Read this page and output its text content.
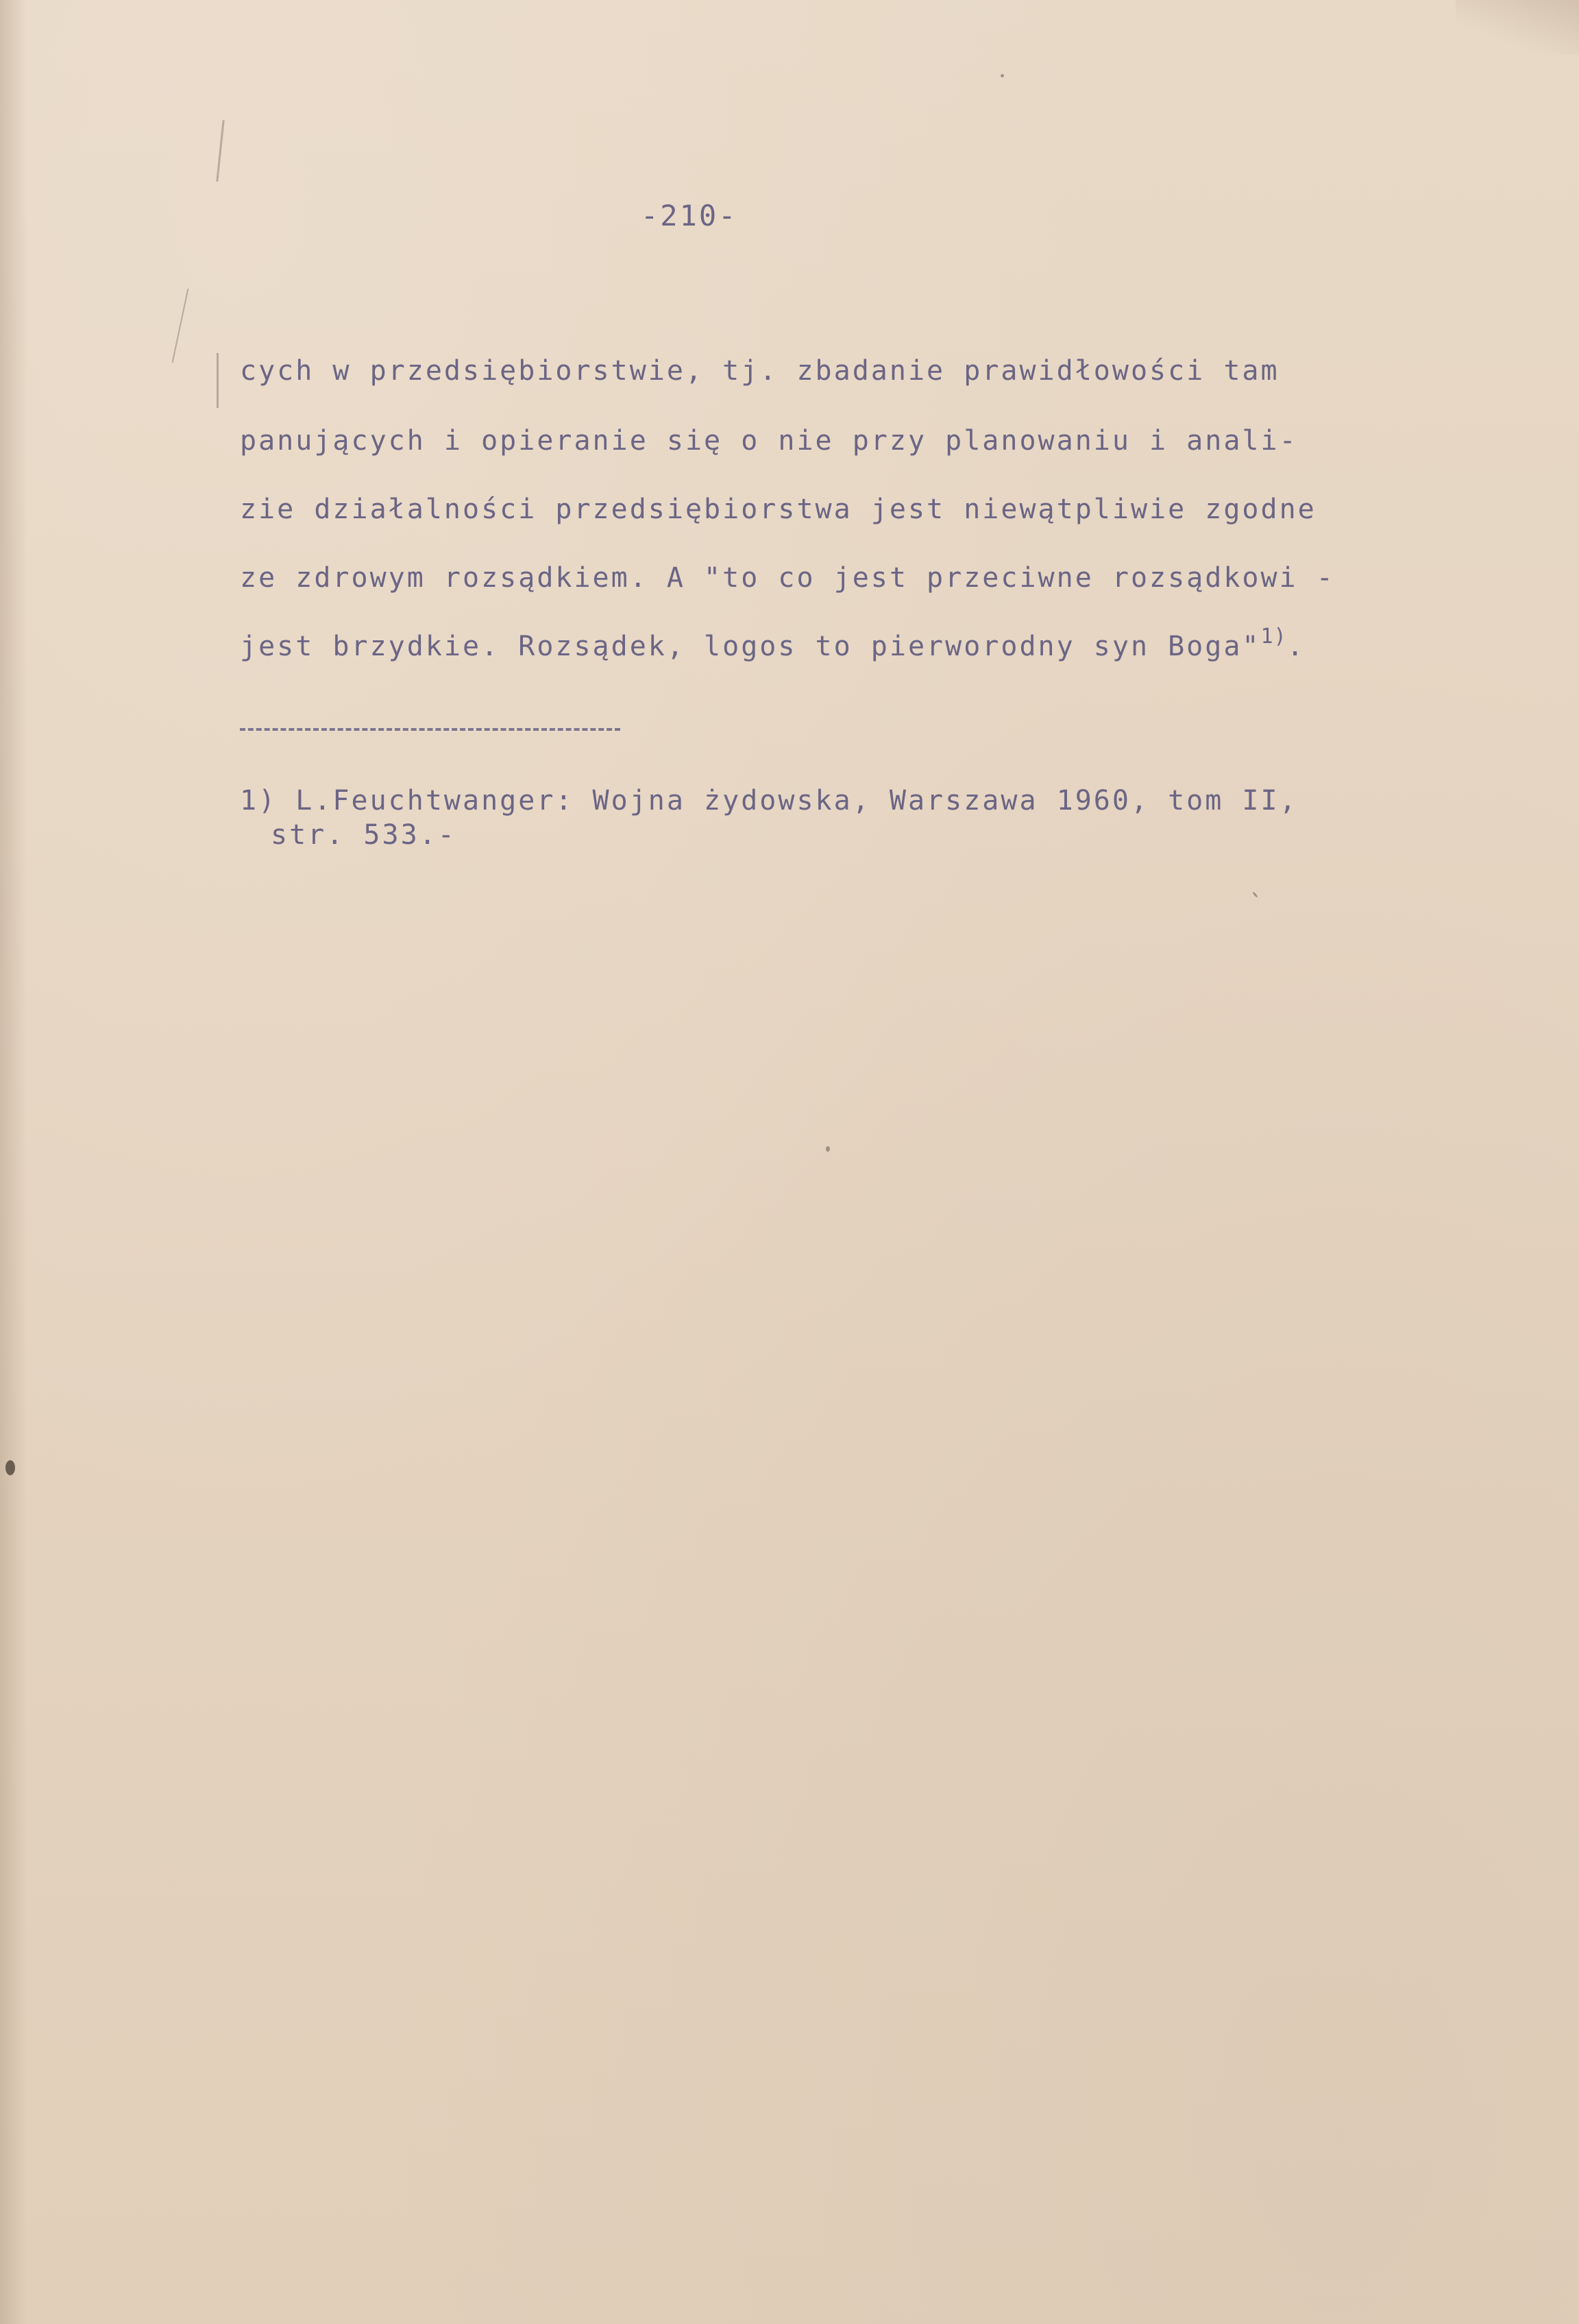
-210-

cych w przedsiębiorstwie, tj. zbadanie prawidłowości tam

panujących i opieranie się o nie przy planowaniu i anali-

zie działalności przedsiębiorstwa jest niewątpliwie zgodne

ze zdrowym rozsądkiem. A "to co jest przeciwne rozsądkowi -

jest brzydkie. Rozsądek, logos to pierworodny syn Boga"$^{1)}$.

1) L.Feuchtwanger: Wojna żydowska, Warszawa 1960, tom II,

str. 533.-
